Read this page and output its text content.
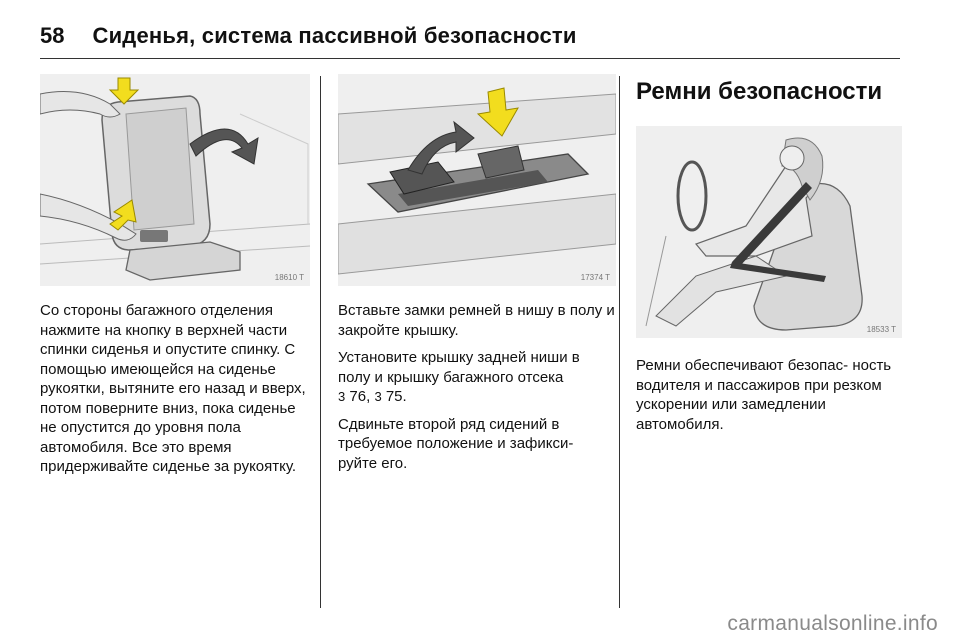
58 Сиденья, система пассивной безопасности
18610 T

Со стороны багажного отделения нажмите на кнопку в верхней части спинки сиденья и опустите спинку. С помощью имеющейся на сиденье рукоятки, вытяните его назад и вверх, потом поверните вниз, пока сиденье не опустится до уровня пола автомобиля. Все это время придерживайте сиденье за рукоятку.

17374 T

Вставьте замки ремней в нишу в полу и закройте крышку.

Установите крышку задней ниши в полу и крышку багажного отсека
3 76, 3 75.

Сдвиньте второй ряд сидений в требуемое положение и зафикси- руйте его.

Ремни безопасности
18533 T

Ремни обеспечивают безопас- ность водителя и пассажиров при резком ускорении или замедлении автомобиля.

carmanualsonline.info
